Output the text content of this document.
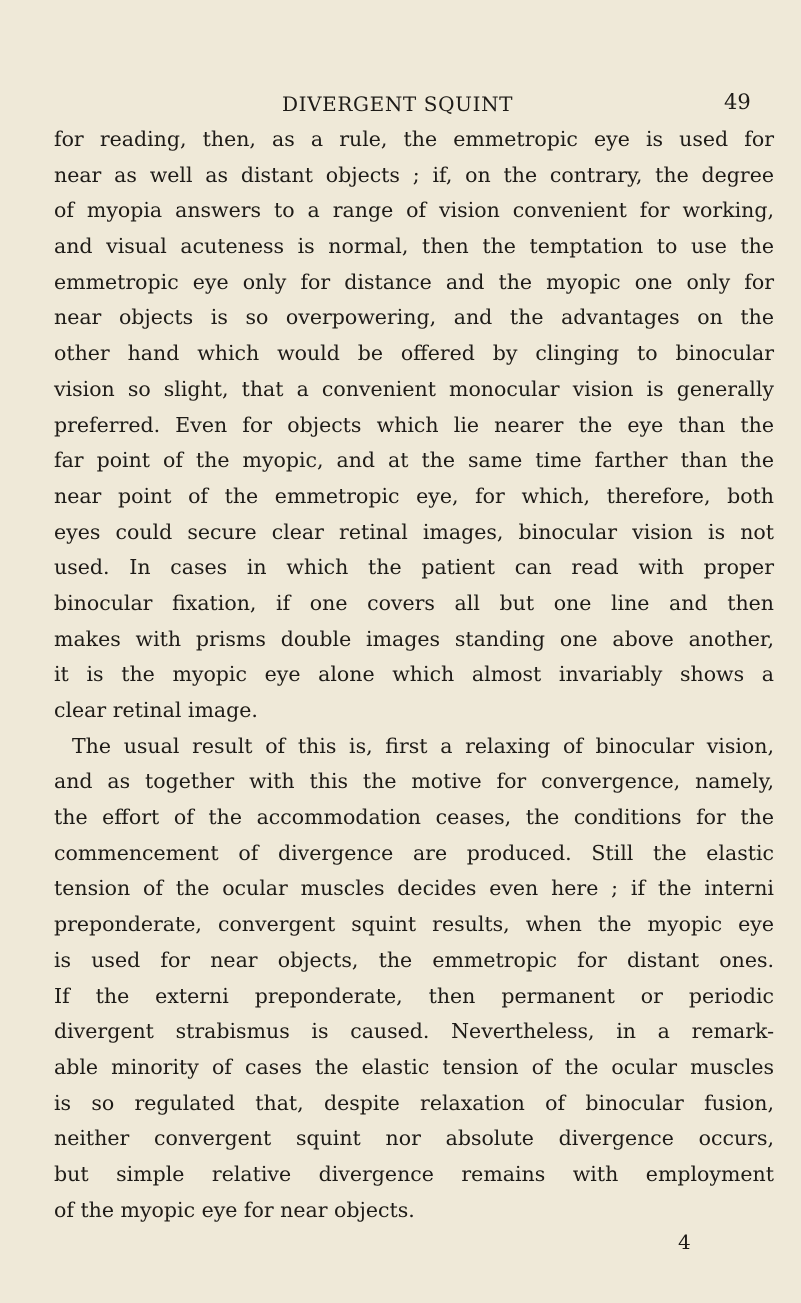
DIVERGENT SQUINT	49
for reading, then, as a rule, the emmetropic eye is used for
near as well as distant objects ; if, on the contrary, the degree
of myopia answers to a range of vision convenient for working,
and visual acuteness is normal, then the temptation to use the
emmetropic eye only for distance and the myopic one only for
near objects is so overpowering, and the advantages on the
other hand which would be offered by clinging to binocular
vision so slight, that a convenient monocular vision is generally
preferred. Even for objects which lie nearer the eye than the
far point of the myopic, and at the same time farther than the
near point of the emmetropic eye, for which, therefore, both
eyes could secure clear retinal images, binocular vision is not
used. In cases in which the patient can read with proper
binocular fixation, if one covers all but one line and then
makes with prisms double images standing one above another,
it is the myopic eye alone which almost invariably shows a
clear retinal image.
The usual result of this is, first a relaxing of binocular vision,
and as together with this the motive for convergence, namely,
the effort of the accommodation ceases, the conditions for the
commencement of divergence are produced. Still the elastic
tension of the ocular muscles decides even here ; if the interni
preponderate, convergent squint results, when the myopic eye
is used for near objects, the emmetropic for distant ones.
If the externi preponderate, then permanent or periodic
divergent strabismus is caused. Nevertheless, in a remark-
able minority of cases the elastic tension of the ocular muscles
is so regulated that, despite relaxation of binocular fusion,
neither convergent squint nor absolute divergence occurs,
but simple relative divergence remains with employment
of the myopic eye for near objects.
4
